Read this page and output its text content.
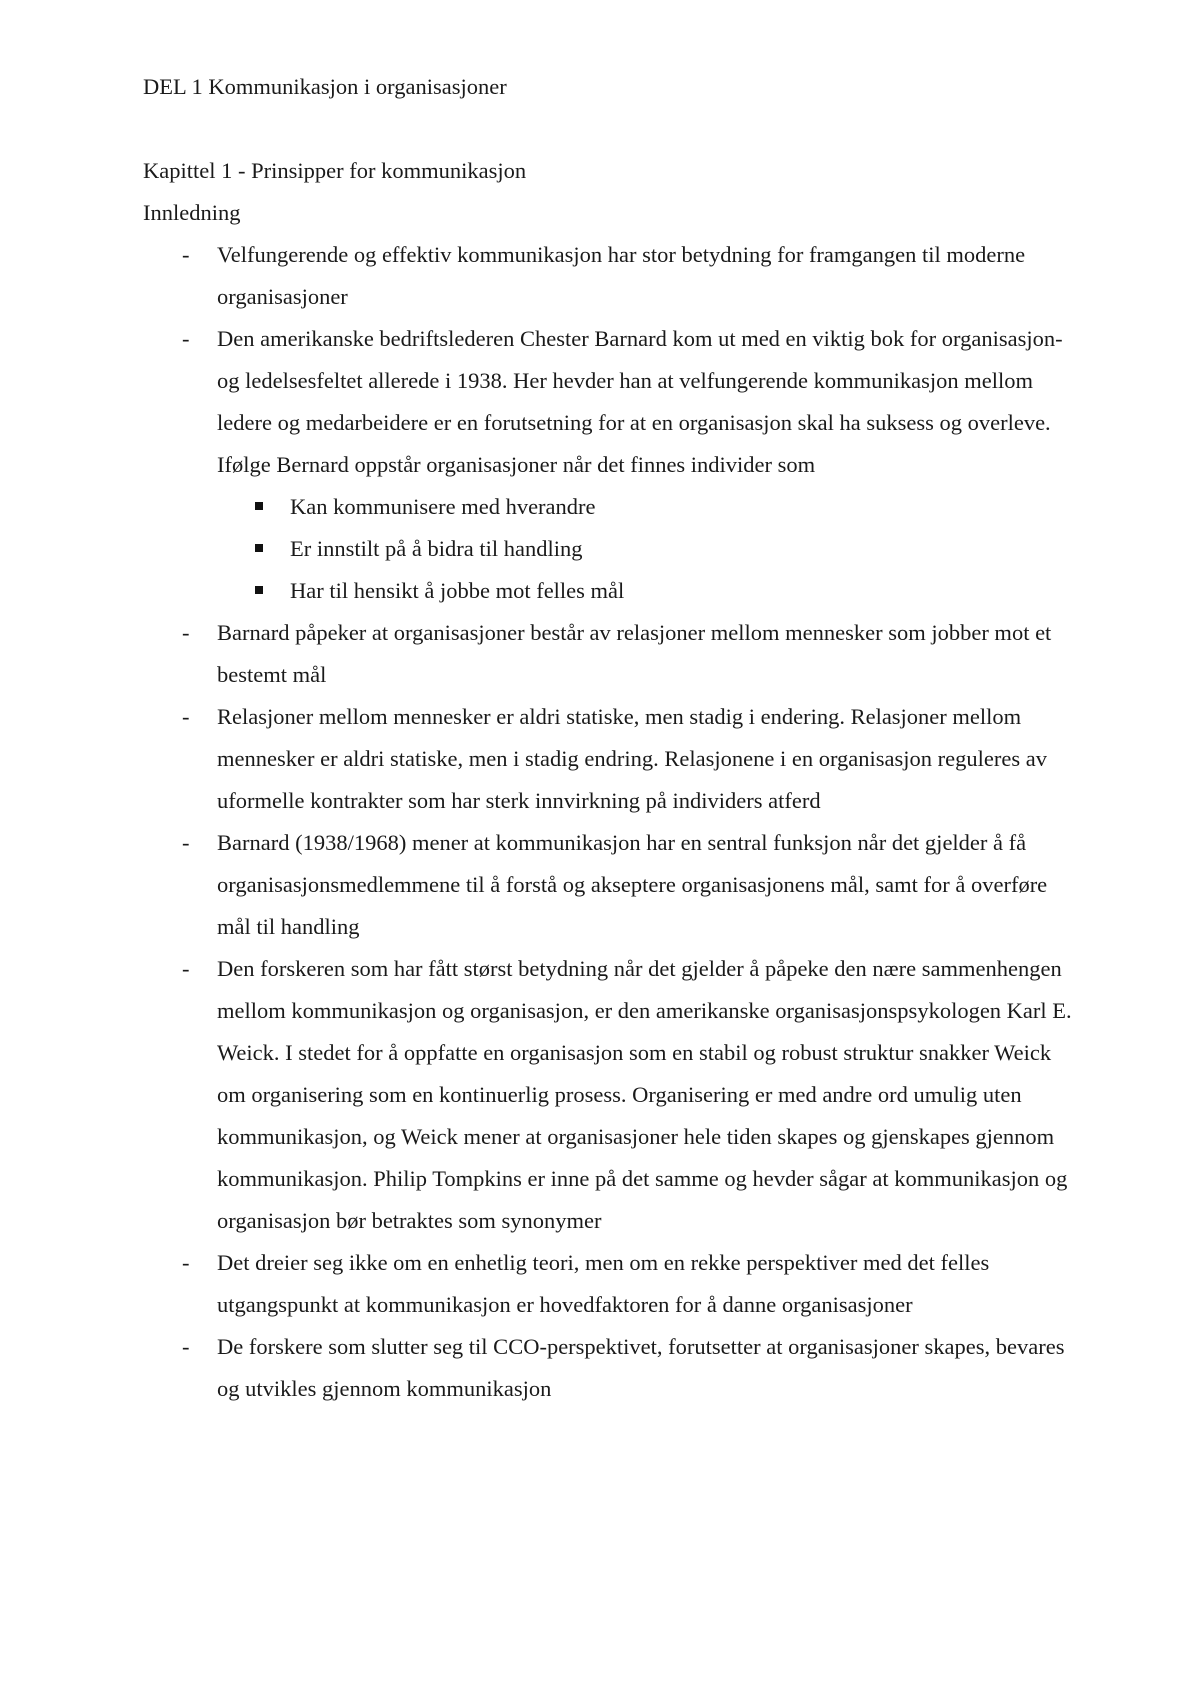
DEL 1 Kommunikasjon i organisasjoner
Kapittel 1 - Prinsipper for kommunikasjon
Innledning
- Velfungerende og effektiv kommunikasjon har stor betydning for framgangen til moderne organisasjoner
- Den amerikanske bedriftslederen Chester Barnard kom ut med en viktig bok for organisasjon- og ledelsesfeltet allerede i 1938. Her hevder han at velfungerende kommunikasjon mellom ledere og medarbeidere er en forutsetning for at en organisasjon skal ha suksess og overleve. Ifølge Bernard oppstår organisasjoner når det finnes individer som
Kan kommunisere med hverandre
Er innstilt på å bidra til handling
Har til hensikt å jobbe mot felles mål
- Barnard påpeker at organisasjoner består av relasjoner mellom mennesker som jobber mot et bestemt mål
- Relasjoner mellom mennesker er aldri statiske, men stadig i endering. Relasjoner mellom mennesker er aldri statiske, men i stadig endring. Relasjonene i en organisasjon reguleres av uformelle kontrakter som har sterk innvirkning på individers atferd
- Barnard (1938/1968) mener at kommunikasjon har en sentral funksjon når det gjelder å få organisasjonsmedlemmene til å forstå og akseptere organisasjonens mål, samt for å overføre mål til handling
- Den forskeren som har fått størst betydning når det gjelder å påpeke den nære sammenhengen mellom kommunikasjon og organisasjon, er den amerikanske organisasjonspsykologen Karl E. Weick. I stedet for å oppfatte en organisasjon som en stabil og robust struktur snakker Weick om organisering som en kontinuerlig prosess. Organisering er med andre ord umulig uten kommunikasjon, og Weick mener at organisasjoner hele tiden skapes og gjenskapes gjennom kommunikasjon. Philip Tompkins er inne på det samme og hevder sågar at kommunikasjon og organisasjon bør betraktes som synonymer
- Det dreier seg ikke om en enhetlig teori, men om en rekke perspektiver med det felles utgangspunkt at kommunikasjon er hovedfaktoren for å danne organisasjoner
- De forskere som slutter seg til CCO-perspektivet, forutsetter at organisasjoner skapes, bevares og utvikles gjennom kommunikasjon
